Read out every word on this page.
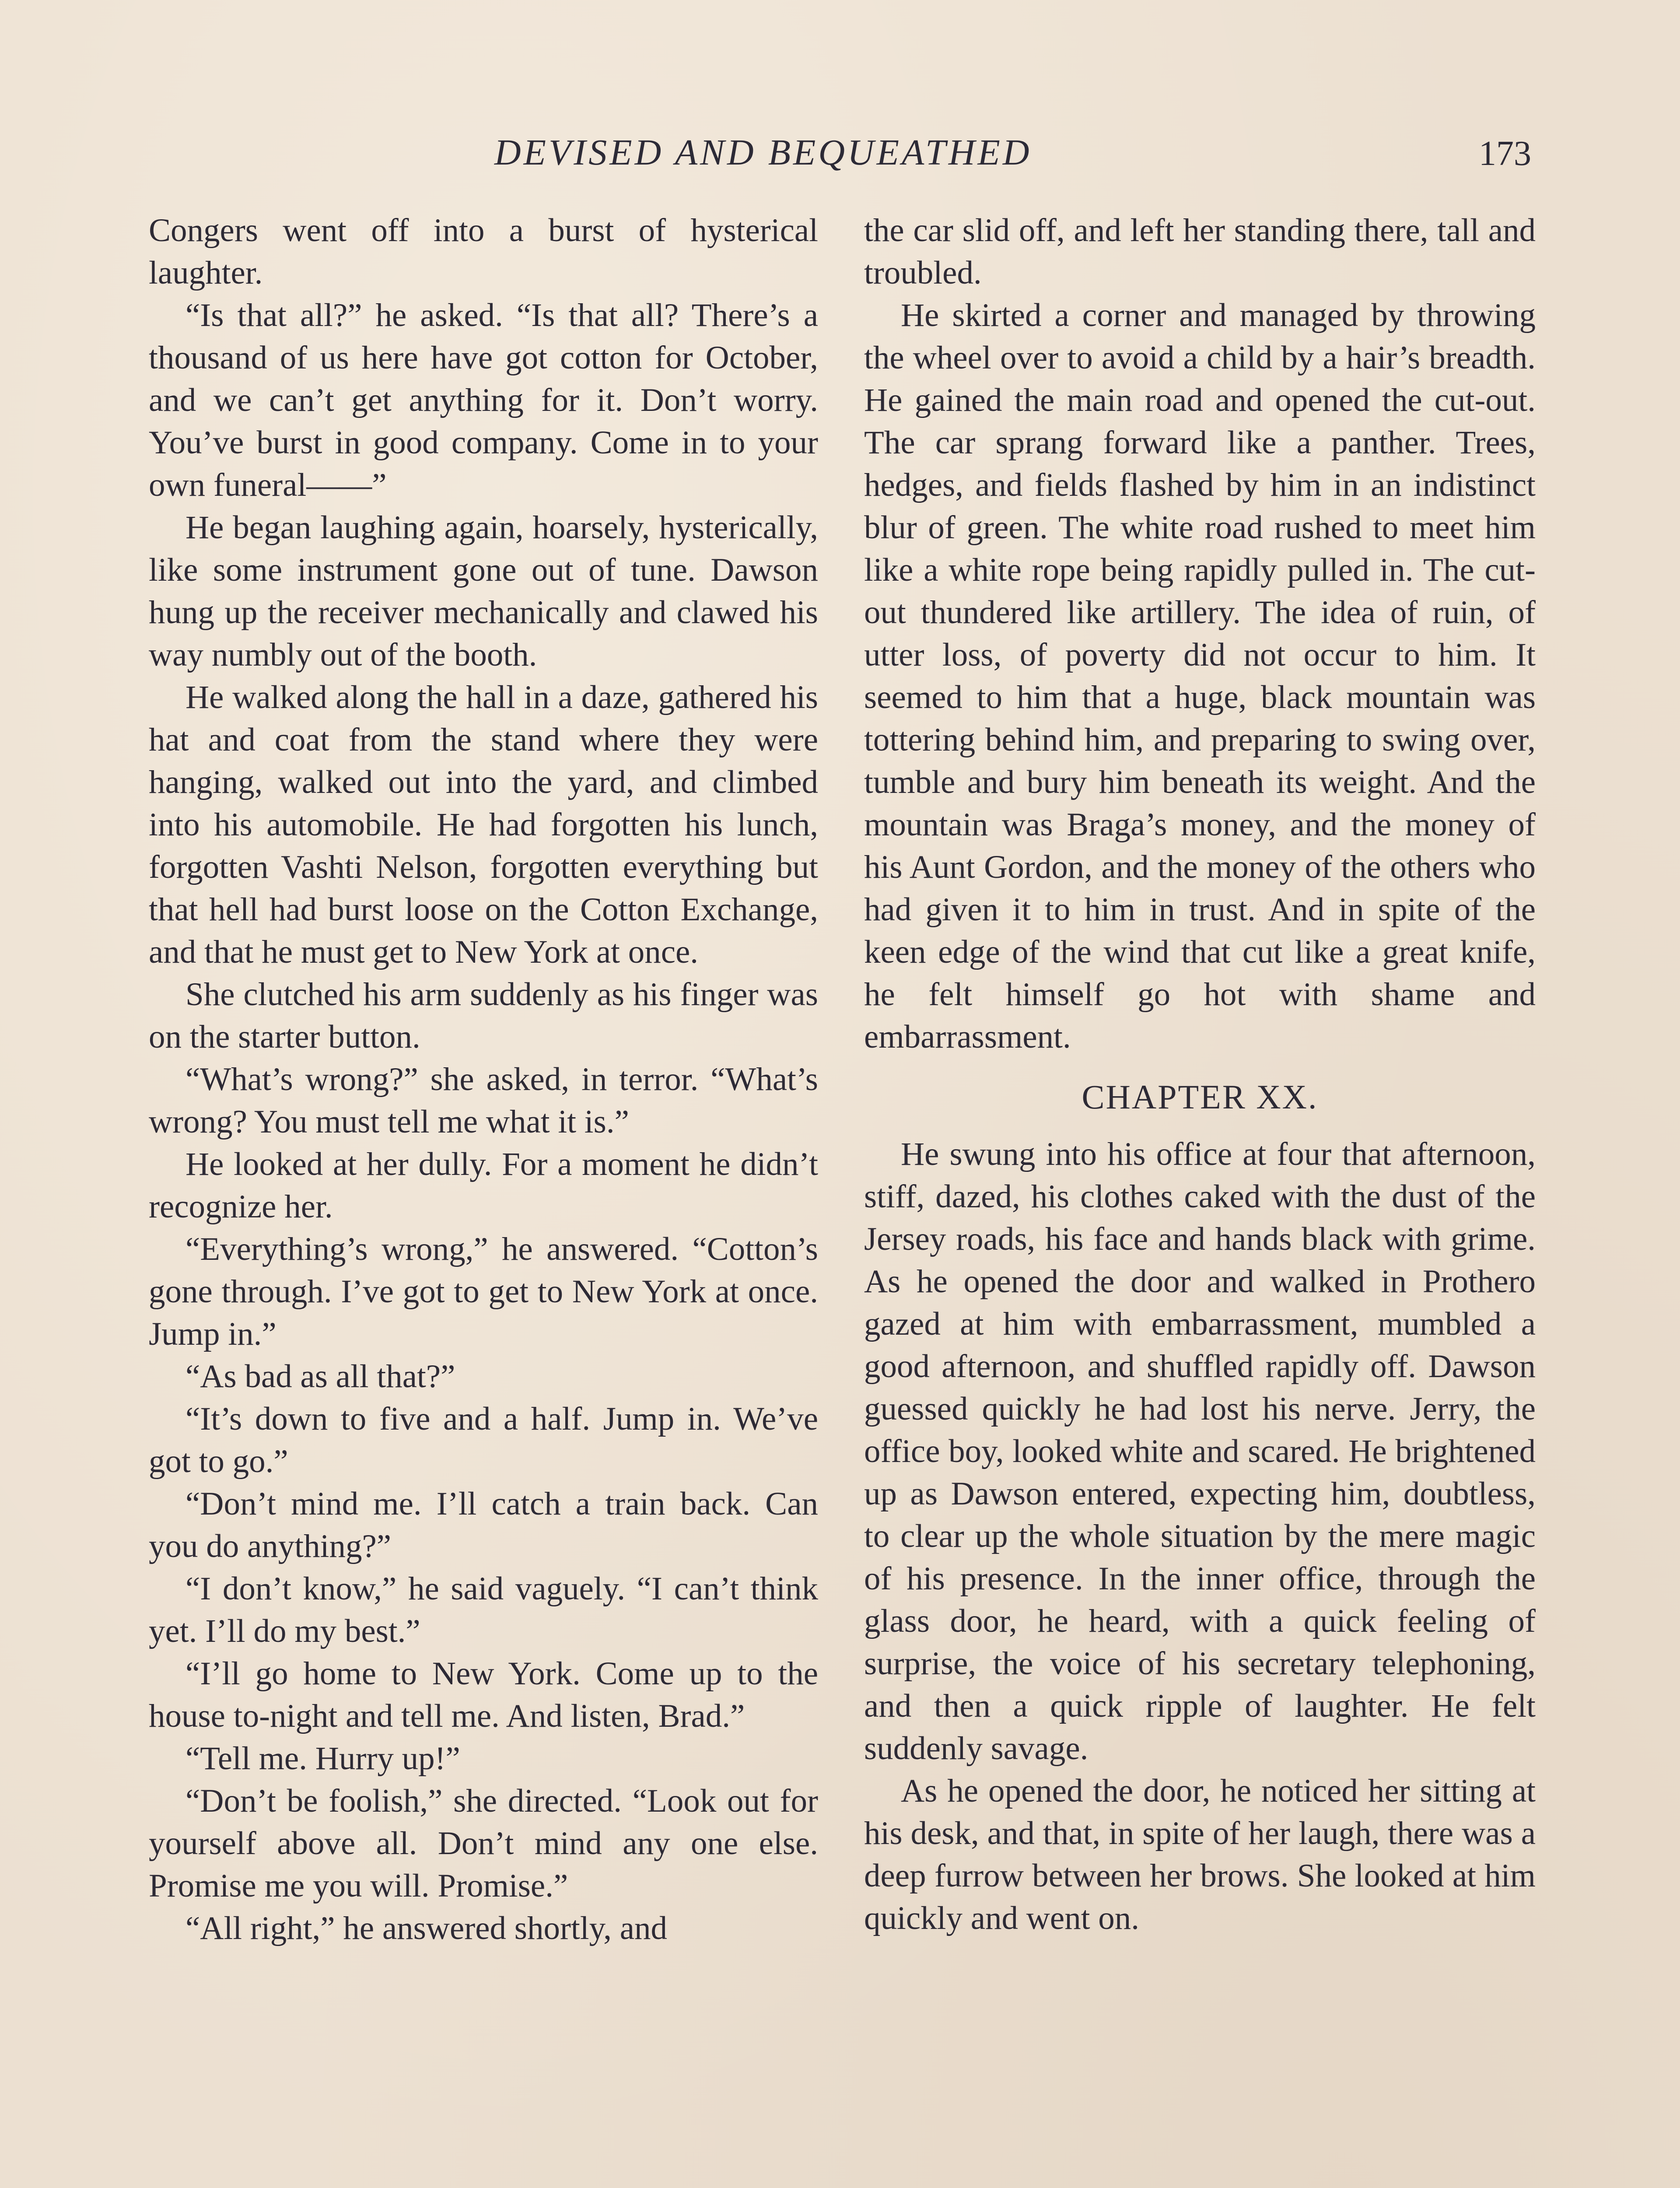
DEVISED AND BEQUEATHED	173

Congers went off into a burst of hysterical laughter.

“Is that all?” he asked. “Is that all? There’s a thousand of us here have got cotton for October, and we can’t get anything for it. Don’t worry. You’ve burst in good company. Come in to your own funeral——”

He began laughing again, hoarsely, hysterically, like some instrument gone out of tune. Dawson hung up the receiver mechanically and clawed his way numbly out of the booth.

He walked along the hall in a daze, gathered his hat and coat from the stand where they were hanging, walked out into the yard, and climbed into his automobile. He had forgotten his lunch, forgotten Vashti Nelson, forgotten everything but that hell had burst loose on the Cotton Exchange, and that he must get to New York at once.

She clutched his arm suddenly as his finger was on the starter button.

“What’s wrong?” she asked, in terror. “What’s wrong? You must tell me what it is.”

He looked at her dully. For a moment he didn’t recognize her.

“Everything’s wrong,” he answered. “Cotton’s gone through. I’ve got to get to New York at once. Jump in.”

“As bad as all that?”

“It’s down to five and a half. Jump in. We’ve got to go.”

“Don’t mind me. I’ll catch a train back. Can you do anything?”

“I don’t know,” he said vaguely. “I can’t think yet. I’ll do my best.”

“I’ll go home to New York. Come up to the house to-night and tell me. And listen, Brad.”

“Tell me. Hurry up!”

“Don’t be foolish,” she directed. “Look out for yourself above all. Don’t mind any one else. Promise me you will. Promise.”

“All right,” he answered shortly, and

the car slid off, and left her standing there, tall and troubled.

He skirted a corner and managed by throwing the wheel over to avoid a child by a hair’s breadth. He gained the main road and opened the cut-out. The car sprang forward like a panther. Trees, hedges, and fields flashed by him in an indistinct blur of green. The white road rushed to meet him like a white rope being rapidly pulled in. The cut-out thundered like artillery. The idea of ruin, of utter loss, of poverty did not occur to him. It seemed to him that a huge, black mountain was tottering behind him, and preparing to swing over, tumble and bury him beneath its weight. And the mountain was Braga’s money, and the money of his Aunt Gordon, and the money of the others who had given it to him in trust. And in spite of the keen edge of the wind that cut like a great knife, he felt himself go hot with shame and embarrassment.

CHAPTER XX.

He swung into his office at four that afternoon, stiff, dazed, his clothes caked with the dust of the Jersey roads, his face and hands black with grime. As he opened the door and walked in Prothero gazed at him with embarrassment, mumbled a good afternoon, and shuffled rapidly off. Dawson guessed quickly he had lost his nerve. Jerry, the office boy, looked white and scared. He brightened up as Dawson entered, expecting him, doubtless, to clear up the whole situation by the mere magic of his presence. In the inner office, through the glass door, he heard, with a quick feeling of surprise, the voice of his secretary telephoning, and then a quick ripple of laughter. He felt suddenly savage.

As he opened the door, he noticed her sitting at his desk, and that, in spite of her laugh, there was a deep furrow between her brows. She looked at him quickly and went on.
